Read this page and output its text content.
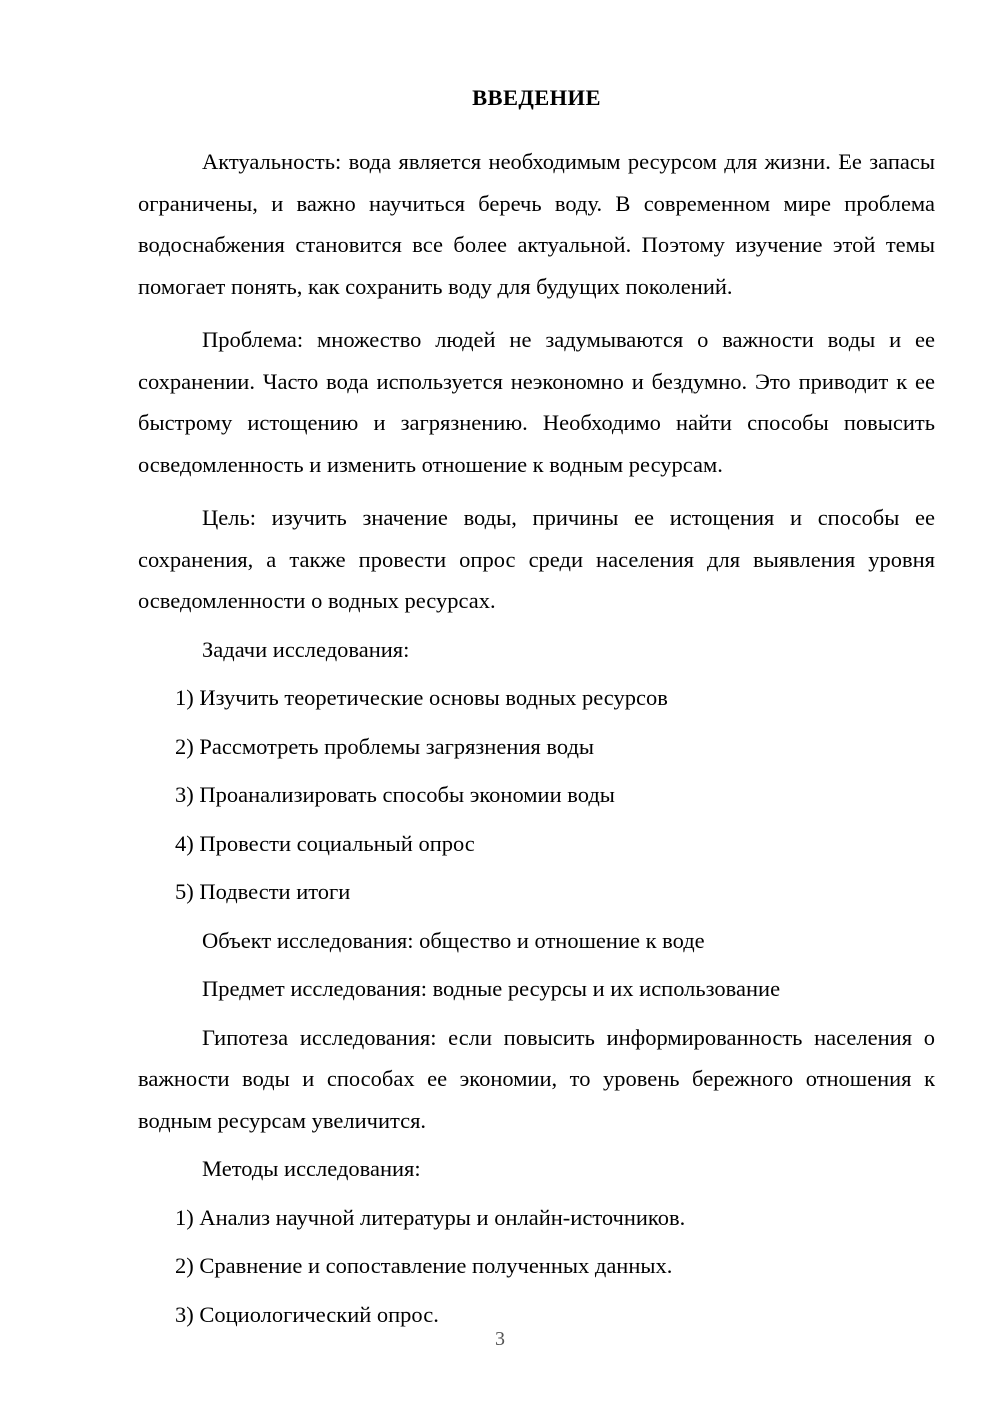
ВВЕДЕНИЕ

Актуальность: вода является необходимым ресурсом для жизни. Ее запасы ограничены, и важно научиться беречь воду. В современном мире проблема водоснабжения становится все более актуальной. Поэтому изучение этой темы помогает понять, как сохранить воду для будущих поколений.

Проблема: множество людей не задумываются о важности воды и ее сохранении. Часто вода используется неэкономно и бездумно. Это приводит к ее быстрому истощению и загрязнению. Необходимо найти способы повысить осведомленность и изменить отношение к водным ресурсам.

Цель: изучить значение воды, причины ее истощения и способы ее сохранения, а также провести опрос среди населения для выявления уровня осведомленности о водных ресурсах.

Задачи исследования:

1) Изучить теоретические основы водных ресурсов
2) Рассмотреть проблемы загрязнения воды
3) Проанализировать способы экономии воды
4) Провести социальный опрос
5) Подвести итоги

Объект исследования: общество и отношение к воде

Предмет исследования: водные ресурсы и их использование

Гипотеза исследования: если повысить информированность населения о важности воды и способах ее экономии, то уровень бережного отношения к водным ресурсам увеличится.

Методы исследования:

1) Анализ научной литературы и онлайн-источников.
2) Сравнение и сопоставление полученных данных.
3) Социологический опрос.
3
